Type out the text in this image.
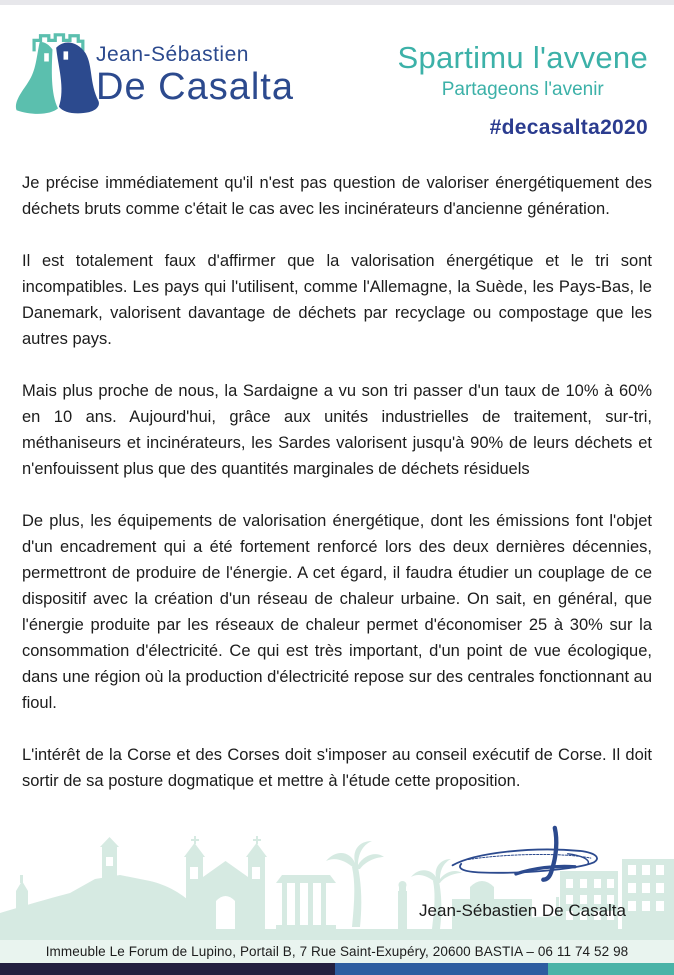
Jean-Sébastien
De Casalta
Spartimu l'avvene
Partageons l'avenir
#decasalta2020

Je précise immédiatement qu'il n'est pas question de valoriser énergétiquement des déchets bruts comme c'était le cas avec les incinérateurs d'ancienne génération.

Il est totalement faux d'affirmer que la valorisation énergétique et le tri sont incompatibles. Les pays qui l'utilisent, comme l'Allemagne, la Suède, les Pays-Bas, le Danemark, valorisent davantage de déchets par recyclage ou compostage que les autres pays.

Mais plus proche de nous, la Sardaigne a vu son tri passer d'un taux de 10% à 60% en 10 ans. Aujourd'hui, grâce aux unités industrielles de traitement, sur-tri, méthaniseurs et incinérateurs, les Sardes valorisent jusqu'à 90% de leurs déchets et n'enfouissent plus que des quantités marginales de déchets résiduels

De plus, les équipements de valorisation énergétique, dont les émissions font l'objet d'un encadrement qui a été fortement renforcé lors des deux dernières décennies, permettront de produire de l'énergie. A cet égard, il faudra étudier un couplage de ce dispositif avec la création d'un réseau de chaleur urbaine. On sait, en général, que l'énergie produite par les réseaux de chaleur permet d'économiser 25 à 30% sur la consommation d'électricité. Ce qui est très important, d'un point de vue écologique, dans une région où la production d'électricité repose sur des centrales fonctionnant au fioul.

L'intérêt de la Corse et des Corses doit s'imposer au conseil exécutif de Corse. Il doit sortir de sa posture dogmatique et mettre à l'étude cette proposition.

Jean-Sébastien De Casalta
Immeuble Le Forum de Lupino, Portail B, 7 Rue Saint-Exupéry, 20600 BASTIA – 06 11 74 52 98
